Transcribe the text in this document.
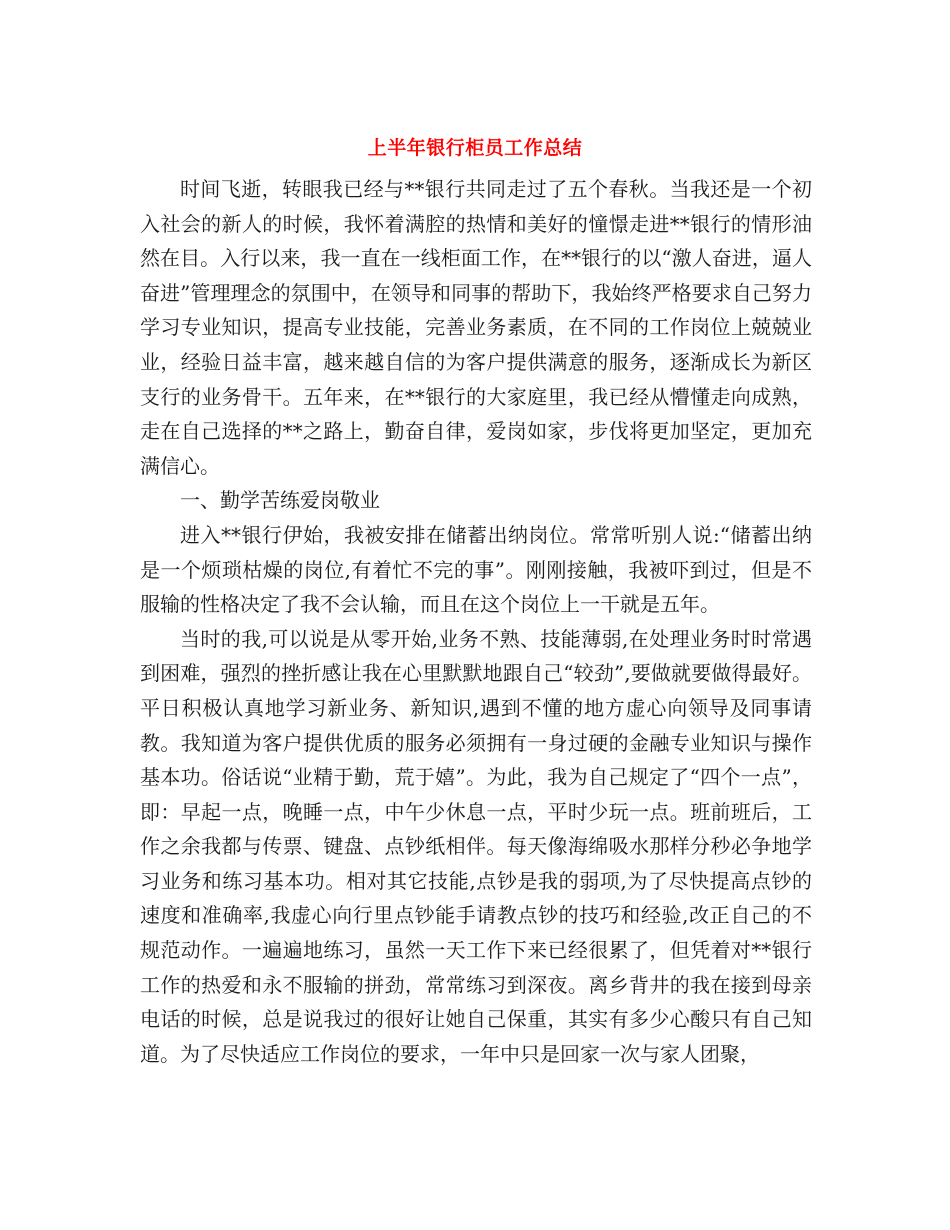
上半年银行柜员工作总结

时间飞逝，转眼我已经与**银行共同走过了五个春秋。当我还是一个初入社会的新人的时候，我怀着满腔的热情和美好的憧憬走进**银行的情形油然在目。入行以来，我一直在一线柜面工作，在**银行的以“激人奋进，逼人奋进”管理理念的氛围中，在领导和同事的帮助下，我始终严格要求自己努力学习专业知识，提高专业技能，完善业务素质，在不同的工作岗位上兢兢业业，经验日益丰富，越来越自信的为客户提供满意的服务，逐渐成长为新区支行的业务骨干。五年来，在**银行的大家庭里，我已经从懵懂走向成熟，走在自己选择的**之路上，勤奋自律，爱岗如家，步伐将更加坚定，更加充满信心。

一、勤学苦练爱岗敬业

进入**银行伊始，我被安排在储蓄出纳岗位。常常听别人说:“储蓄出纳是一个烦琐枯燥的岗位,有着忙不完的事”。刚刚接触，我被吓到过，但是不服输的性格决定了我不会认输，而且在这个岗位上一干就是五年。

当时的我,可以说是从零开始,业务不熟、技能薄弱,在处理业务时时常遇到困难，强烈的挫折感让我在心里默默地跟自己“较劲”,要做就要做得最好。平日积极认真地学习新业务、新知识,遇到不懂的地方虚心向领导及同事请教。我知道为客户提供优质的服务必须拥有一身过硬的金融专业知识与操作基本功。俗话说“业精于勤，荒于嬉”。为此，我为自己规定了“四个一点”，即：早起一点，晚睡一点，中午少休息一点，平时少玩一点。班前班后，工作之余我都与传票、键盘、点钞纸相伴。每天像海绵吸水那样分秒必争地学习业务和练习基本功。相对其它技能,点钞是我的弱项,为了尽快提高点钞的速度和准确率,我虚心向行里点钞能手请教点钞的技巧和经验,改正自己的不规范动作。一遍遍地练习，虽然一天工作下来已经很累了，但凭着对**银行工作的热爱和永不服输的拼劲，常常练习到深夜。离乡背井的我在接到母亲电话的时候，总是说我过的很好让她自己保重，其实有多少心酸只有自己知道。为了尽快适应工作岗位的要求，一年中只是回家一次与家人团聚，
